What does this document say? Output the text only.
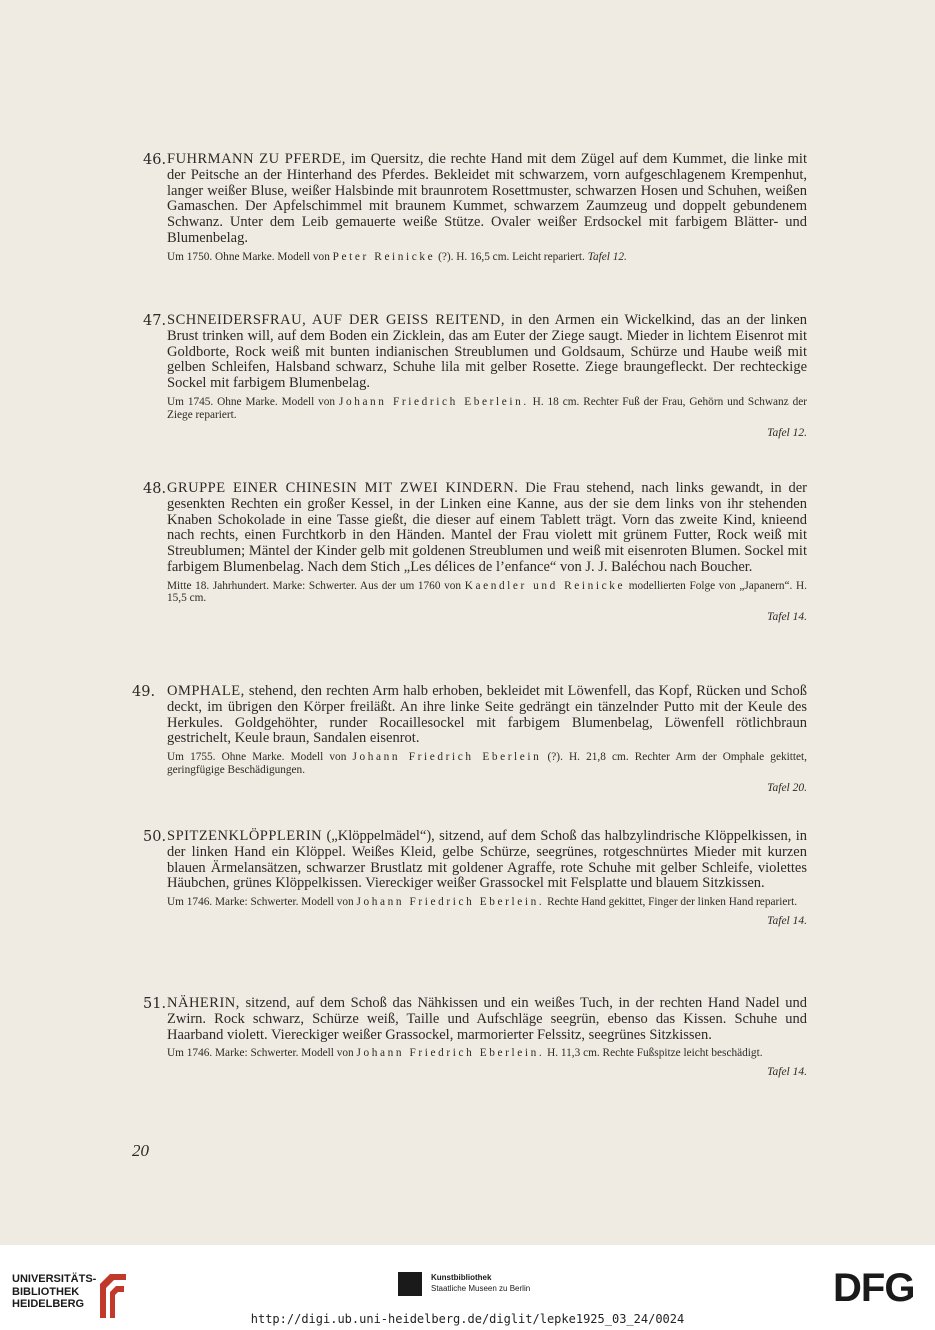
46. FUHRMANN ZU PFERDE, im Quersitz, die rechte Hand mit dem Zügel auf dem Kummet, die linke mit der Peitsche an der Hinterhand des Pferdes. Bekleidet mit schwarzem, vorn aufgeschlagenem Krempenhut, langer weißer Bluse, weißer Halsbinde mit braunrotem Rosettmuster, schwarzen Hosen und Schuhen, weißen Gamaschen. Der Apfelschimmel mit braunem Kummet, schwarzem Zaumzeug und doppelt gebundenem Schwanz. Unter dem Leib gemauerte weiße Stütze. Ovaler weißer Erdsockel mit farbigem Blätter- und Blumenbelag.
Um 1750. Ohne Marke. Modell von Peter Reinicke (?). H. 16,5 cm. Leicht repariert. Tafel 12.
47. SCHNEIDERSFRAU, AUF DER GEISS REITEND, in den Armen ein Wickelkind, das an der linken Brust trinken will, auf dem Boden ein Zicklein, das am Euter der Ziege saugt. Mieder in lichtem Eisenrot mit Goldborte, Rock weiß mit bunten indianischen Streublumen und Goldsaum, Schürze und Haube weiß mit gelben Schleifen, Halsband schwarz, Schuhe lila mit gelber Rosette. Ziege braungefleckt. Der rechteckige Sockel mit farbigem Blumenbelag.
Um 1745. Ohne Marke. Modell von Johann Friedrich Eberlein. H. 18 cm. Rechter Fuß der Frau, Gehörn und Schwanz der Ziege repariert.
Tafel 12.
48. GRUPPE EINER CHINESIN MIT ZWEI KINDERN. Die Frau stehend, nach links gewandt, in der gesenkten Rechten ein großer Kessel, in der Linken eine Kanne, aus der sie dem links von ihr stehenden Knaben Schokolade in eine Tasse gießt, die dieser auf einem Tablett trägt. Vorn das zweite Kind, knieend nach rechts, einen Furchtkorb in den Händen. Mantel der Frau violett mit grünem Futter, Rock weiß mit Streublumen; Mäntel der Kinder gelb mit goldenen Streublumen und weiß mit eisenroten Blumen. Sockel mit farbigem Blumenbelag. Nach dem Stich „Les délices de l’enfance“ von J. J. Baléchou nach Boucher.
Mitte 18. Jahrhundert. Marke: Schwerter. Aus der um 1760 von Kaendler und Reinicke modellierten Folge von „Japanern“. H. 15,5 cm.
Tafel 14.
49. OMPHALE, stehend, den rechten Arm halb erhoben, bekleidet mit Löwenfell, das Kopf, Rücken und Schoß deckt, im übrigen den Körper freiläßt. An ihre linke Seite gedrängt ein tänzelnder Putto mit der Keule des Herkules. Goldgehöhter, runder Rocaillesockel mit farbigem Blumenbelag, Löwenfell rötlichbraun gestrichelt, Keule braun, Sandalen eisenrot.
Um 1755. Ohne Marke. Modell von Johann Friedrich Eberlein (?). H. 21,8 cm. Rechter Arm der Omphale gekittet, geringfügige Beschädigungen.
Tafel 20.
50. SPITZENKLÖPPLERIN („Klöppelmädel“), sitzend, auf dem Schoß das halbzylindrische Klöppelkissen, in der linken Hand ein Klöppel. Weißes Kleid, gelbe Schürze, seegrünes, rotgeschnürtes Mieder mit kurzen blauen Ärmelansätzen, schwarzer Brustlatz mit goldener Agraffe, rote Schuhe mit gelber Schleife, violettes Häubchen, grünes Klöppelkissen. Viereckiger weißer Grassockel mit Felsplatte und blauem Sitzkissen.
Um 1746. Marke: Schwerter. Modell von Johann Friedrich Eberlein. Rechte Hand gekittet, Finger der linken Hand repariert.
Tafel 14.
51. NÄHERIN, sitzend, auf dem Schoß das Nähkissen und ein weißes Tuch, in der rechten Hand Nadel und Zwirn. Rock schwarz, Schürze weiß, Taille und Aufschläge seegrün, ebenso das Kissen. Schuhe und Haarband violett. Viereckiger weißer Grassockel, marmorierter Felssitz, seegrünes Sitzkissen.
Um 1746. Marke: Schwerter. Modell von Johann Friedrich Eberlein. H. 11,3 cm. Rechte Fußspitze leicht beschädigt.
Tafel 14.
20
UNIVERSITÄTS-
BIBLIOTHEK
HEIDELBERG
Kunstbibliothek
Staatliche Museen zu Berlin	DFG
http://digi.ub.uni-heidelberg.de/diglit/lepke1925_03_24/0024
